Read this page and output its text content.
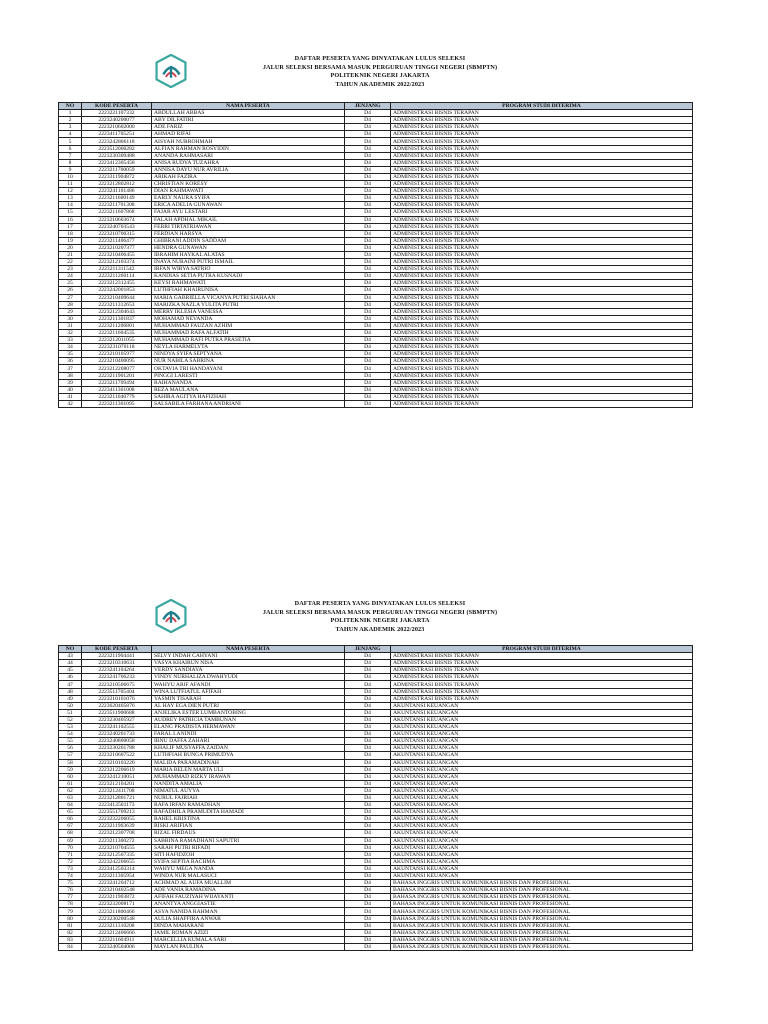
DAFTAR PESERTA YANG DINYATAKAN LULUS SELEKSI
JALUR SELEKSI BERSAMA MASUK PERGURUAN TINGGI NEGERI (SBMPTN)
POLITEKNIK NEGERI JAKARTA
TAHUN AKADEMIK 2022/2023
NO	KODE PESERTA	NAMA PESERTA	JENJANG	PROGRAM STUDI DITERIMA
1	2223221107332	ABDULLAH ABBAS	D4	ADMINISTRASI BISNIS TERAPAN
2	2223240200077	ABY DILFATIRI	D4	ADMINISTRASI BISNIS TERAPAN
3	2223210602000	ADE FARIZ	D4	ADMINISTRASI BISNIS TERAPAN
4	2223411705251	AHMAD RIFAI	D4	ADMINISTRASI BISNIS TERAPAN
5	2223242806118	AISYAH NURROHMAH	D4	ADMINISTRASI BISNIS TERAPAN
6	2223512000282	ALFIAN RAHMAN ROSYIDIN	D4	ADMINISTRASI BISNIS TERAPAN
7	2223230309488	ANANDA RAHMASARI	D4	ADMINISTRASI BISNIS TERAPAN
8	2223412305458	ANISA RUDYA TUZAHRA	D4	ADMINISTRASI BISNIS TERAPAN
9	2223211700059	ANNISA DAYU NUR AVRILIA	D4	ADMINISTRASI BISNIS TERAPAN
10	2223311904872	ARIKAH FAZIRA	D4	ADMINISTRASI BISNIS TERAPAN
11	2223212802812	CHRISTIAN KORESY	D4	ADMINISTRASI BISNIS TERAPAN
12	2223241101486	DIAN RAHMAWATI	D4	ADMINISTRASI BISNIS TERAPAN
13	2223211600149	EARLY NAURA SYIFA	D4	ADMINISTRASI BISNIS TERAPAN
14	2223211701308	ERICA ADELIA GUNAWAN	D4	ADMINISTRASI BISNIS TERAPAN
15	2223211607868	FAJAR AYU LESTARI	D4	ADMINISTRASI BISNIS TERAPAN
16	2223210603674	FALAH APDHAL MIKAIL	D4	ADMINISTRASI BISNIS TERAPAN
17	2223240703543	FEBRI TIRTATRIAWAN	D4	ADMINISTRASI BISNIS TERAPAN
18	2223210700315	FERDIAN HARSYA	D4	ADMINISTRASI BISNIS TERAPAN
19	2223211406477	GHIBRANI ADDIN SADDAM	D4	ADMINISTRASI BISNIS TERAPAN
20	2223210207377	HENDRA GUNAWAN	D4	ADMINISTRASI BISNIS TERAPAN
21	2223210406455	IBRAHIM HAYKAL ALATAS	D4	ADMINISTRASI BISNIS TERAPAN
22	2223212103374	INAYA NURAINI PUTRI ISMAIL	D4	ADMINISTRASI BISNIS TERAPAN
23	2223211311542	IRFAN WIRYA SATRIO	D4	ADMINISTRASI BISNIS TERAPAN
24	2223211260114	KANDIAS SETIA PUTRA KUSNADI	D4	ADMINISTRASI BISNIS TERAPAN
25	2223212312455	KEYSI RAHMAWATI	D4	ADMINISTRASI BISNIS TERAPAN
26	2223242001853	LUTHFIAH KHAIRUNISA	D4	ADMINISTRASI BISNIS TERAPAN
27	2223210409644	MARIA GABRIELLA VICANYA PUTRI SIAHAAN	D4	ADMINISTRASI BISNIS TERAPAN
28	2223211312653	MARIZKA NAZLA YULITA PUTRI	D4	ADMINISTRASI BISNIS TERAPAN
29	2223212304643	MERRY IKLESIA VANESSA	D4	ADMINISTRASI BISNIS TERAPAN
30	2223211301837	MOHAMAD NEVANDA	D4	ADMINISTRASI BISNIS TERAPAN
31	2223211206801	MUHAMMAD FAUZAN AZHIM	D4	ADMINISTRASI BISNIS TERAPAN
32	2223211604535	MUHAMMAD RAFA ALFATIH	D4	ADMINISTRASI BISNIS TERAPAN
33	2223212011055	MUHAMMAD RAFI PUTRA PRASETIA	D4	ADMINISTRASI BISNIS TERAPAN
34	2223231070118	NEYLA HARMELYTA	D4	ADMINISTRASI BISNIS TERAPAN
35	2223210105977	NINDYA SYIFA SEPTYANA	D4	ADMINISTRASI BISNIS TERAPAN
36	2223210400095	NUR NABILA SABRINA	D4	ADMINISTRASI BISNIS TERAPAN
37	2223212208077	OKTAVIA TRI HANDAYANI	D4	ADMINISTRASI BISNIS TERAPAN
38	2223211901201	PINGGI LARESTI	D4	ADMINISTRASI BISNIS TERAPAN
39	2223211709494	RAIHANANDA	D4	ADMINISTRASI BISNIS TERAPAN
40	2223411301008	REZA MAULANA	D4	ADMINISTRASI BISNIS TERAPAN
41	2223211040779	SAHIRA AGITYA HAFIZHAH	D4	ADMINISTRASI BISNIS TERAPAN
42	2223211301095	SALSABILA FARHANA ANDRIANI	D4	ADMINISTRASI BISNIS TERAPAN
DAFTAR PESERTA YANG DINYATAKAN LULUS SELEKSI
JALUR SELEKSI BERSAMA MASUK PERGURUAN TINGGI NEGERI (SBMPTN)
POLITEKNIK NEGERI JAKARTA
TAHUN AKADEMIK 2022/2023
NO	KODE PESERTA	NAMA PESERTA	JENJANG	PROGRAM STUDI DITERIMA
43	2223211904441	SELVY INDAH CAHYANI	D4	ADMINISTRASI BISNIS TERAPAN
44	2223210310631	VASYA KHAIRUN NISA	D4	ADMINISTRASI BISNIS TERAPAN
45	2223241104264	VERDY SANDIAYA	D4	ADMINISTRASI BISNIS TERAPAN
46	2223241706233	VINDY NURHALIZA DWAHYUDI	D4	ADMINISTRASI BISNIS TERAPAN
47	2223210506675	WAHYU ARIF AFANDI	D4	ADMINISTRASI BISNIS TERAPAN
48	2223511705404	WINA LUTFIATUL AFIFAH	D4	ADMINISTRASI BISNIS TERAPAN
49	2223210101076	YASMIN TISARAH	D4	ADMINISTRASI BISNIS TERAPAN
50	2223620405876	AL HAY EGA DIEN PUTRI	D4	AKUNTANSI KEUANGAN
51	2223511900688	ANJELIKA ESTER LUMBANTOBING	D4	AKUNTANSI KEUANGAN
52	2223230405927	AUDREY PATRICIA TAMBUNAN	D4	AKUNTANSI KEUANGAN
53	2223241102555	ELANG PRADISTA HERMAWAN	D4	AKUNTANSI KEUANGAN
54	2223240201733	FARAL LANINDI	D4	AKUNTANSI KEUANGAN
55	2223240800058	IBNU DAFFA ZAHARI	D4	AKUNTANSI KEUANGAN
56	2223230201788	KHALIF MUSYAFFA ZAIDAN	D4	AKUNTANSI KEUANGAN
57	2223210607522	LUTHFIAH BUNGA PRIMUDYA	D4	AKUNTANSI KEUANGAN
58	2223210103220	MALIDA PARAMADINAH	D4	AKUNTANSI KEUANGAN
59	2223212206619	MARIA BELEN MARTA ULI	D4	AKUNTANSI KEUANGAN
60	2223241210051	MUHAMMAD RIZKY IRAWAN	D4	AKUNTANSI KEUANGAN
61	2223212104201	NANDITA AMALIA	D4	AKUNTANSI KEUANGAN
62	2223212411708	NIMATUL AUYYA	D4	AKUNTANSI KEUANGAN
63	2223212801721	NURUL FAJRIAH	D4	AKUNTANSI KEUANGAN
64	2223412501173	RAFA IRFAN RAMADHAN	D4	AKUNTANSI KEUANGAN
65	2223551709213	RAFADHILA PRAMUDITA HAMADI	D4	AKUNTANSI KEUANGAN
66	2223232206055	RAHEL KRISTINA	D4	AKUNTANSI KEUANGAN
67	2223211903639	RISKI ARIFIAN	D4	AKUNTANSI KEUANGAN
68	2223212307708	RIZAL FIRDAUS	D4	AKUNTANSI KEUANGAN
69	2223211300272	SABRINA RAMADHANI SAPUTRI	D4	AKUNTANSI KEUANGAN
70	2223210704555	SARAH PUTRI RIFADI	D4	AKUNTANSI KEUANGAN
71	2223212507335	SITI HAFIDZOH	D4	AKUNTANSI KEUANGAN
72	2223242206655	SYIFA SEPTIA RACHMA	D4	AKUNTANSI KEUANGAN
73	2223412503314	WAHYU MEGA NANDA	D4	AKUNTANSI KEUANGAN
74	2223211305954	WINDA NUR MALASUCI	D4	AKUNTANSI KEUANGAN
75	2223241204712	ACHMAD AL AUFA MUALLIM	D4	BAHASA INGGRIS UNTUK KOMUNIKASI BISNIS DAN PROFESIONAL
76	2223210402548	ADE VANIA RAMADINA	D4	BAHASA INGGRIS UNTUK KOMUNIKASI BISNIS DAN PROFESIONAL
77	2223211903872	AFIFAH FAUZIYAH WIJAYANTI	D4	BAHASA INGGRIS UNTUK KOMUNIKASI BISNIS DAN PROFESIONAL
78	2223232008171	ANANTYA ANGGIASTIE	D4	BAHASA INGGRIS UNTUK KOMUNIKASI BISNIS DAN PROFESIONAL
79	2223211800466	ASYA NANIDA RAHMAN	D4	BAHASA INGGRIS UNTUK KOMUNIKASI BISNIS DAN PROFESIONAL
80	2223230200548	AULIA SHAFFIRA ANWAR	D4	BAHASA INGGRIS UNTUK KOMUNIKASI BISNIS DAN PROFESIONAL
81	2223211310208	DINDA MAHARANI	D4	BAHASA INGGRIS UNTUK KOMUNIKASI BISNIS DAN PROFESIONAL
82	2223212406666	JAMIL ROMAN AZIZI	D4	BAHASA INGGRIS UNTUK KOMUNIKASI BISNIS DAN PROFESIONAL
83	2223211604911	MARCELLIA KUMALA SARI	D4	BAHASA INGGRIS UNTUK KOMUNIKASI BISNIS DAN PROFESIONAL
84	2223240504006	MAYLAN PAULINA	D4	BAHASA INGGRIS UNTUK KOMUNIKASI BISNIS DAN PROFESIONAL
